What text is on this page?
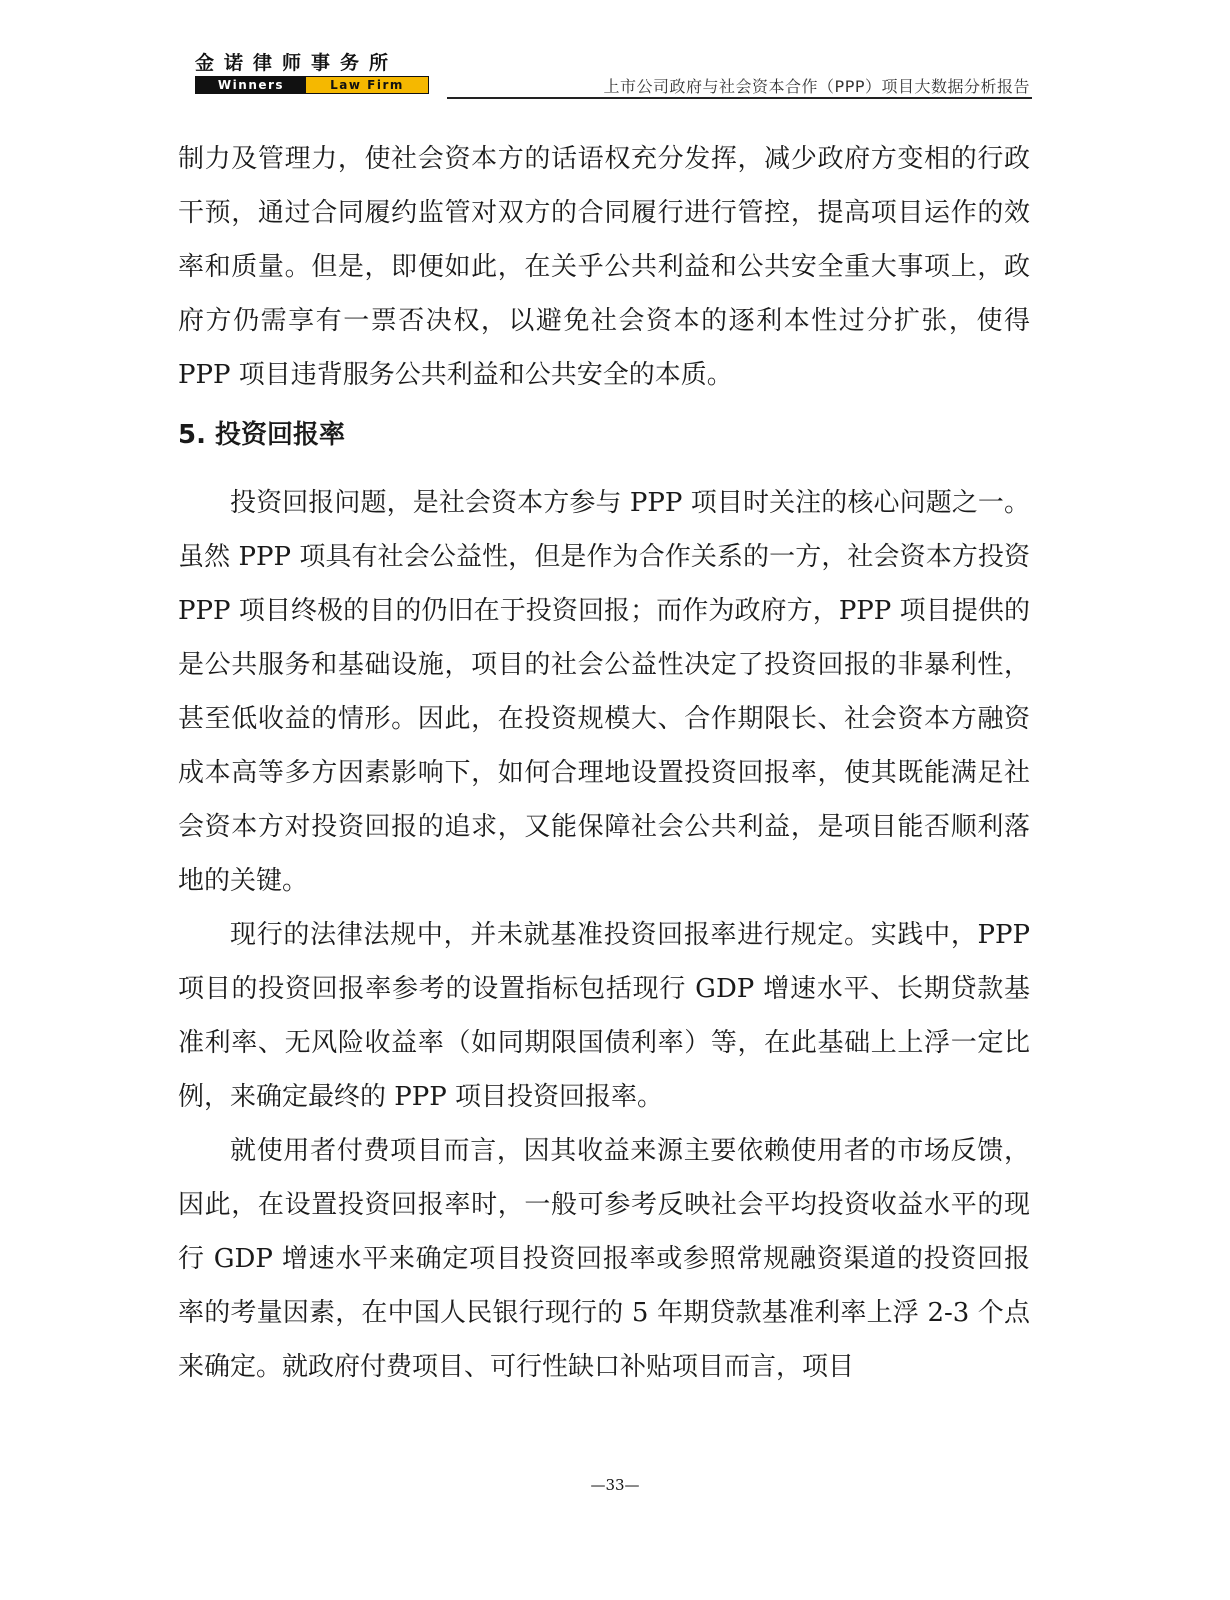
金诺律师事务所
Winners	Law Firm	上市公司政府与社会资本合作（PPP）项目大数据分析报告

制力及管理力，使社会资本方的话语权充分发挥，减少政府方变相的行政干预，通过合同履约监管对双方的合同履行进行管控，提高项目运作的效率和质量。但是，即便如此，在关乎公共利益和公共安全重大事项上，政府方仍需享有一票否决权，以避免社会资本的逐利本性过分扩张，使得 PPP 项目违背服务公共利益和公共安全的本质。

5. 投资回报率

投资回报问题，是社会资本方参与 PPP 项目时关注的核心问题之一。虽然 PPP 项具有社会公益性，但是作为合作关系的一方，社会资本方投资 PPP 项目终极的目的仍旧在于投资回报；而作为政府方，PPP 项目提供的是公共服务和基础设施，项目的社会公益性决定了投资回报的非暴利性，甚至低收益的情形。因此，在投资规模大、合作期限长、社会资本方融资成本高等多方因素影响下，如何合理地设置投资回报率，使其既能满足社会资本方对投资回报的追求，又能保障社会公共利益，是项目能否顺利落地的关键。

现行的法律法规中，并未就基准投资回报率进行规定。实践中，PPP 项目的投资回报率参考的设置指标包括现行 GDP 增速水平、长期贷款基准利率、无风险收益率（如同期限国债利率）等，在此基础上上浮一定比例，来确定最终的 PPP 项目投资回报率。

就使用者付费项目而言，因其收益来源主要依赖使用者的市场反馈，因此，在设置投资回报率时，一般可参考反映社会平均投资收益水平的现行 GDP 增速水平来确定项目投资回报率或参照常规融资渠道的投资回报率的考量因素，在中国人民银行现行的 5 年期贷款基准利率上浮 2-3 个点来确定。就政府付费项目、可行性缺口补贴项目而言，项目

—33—
